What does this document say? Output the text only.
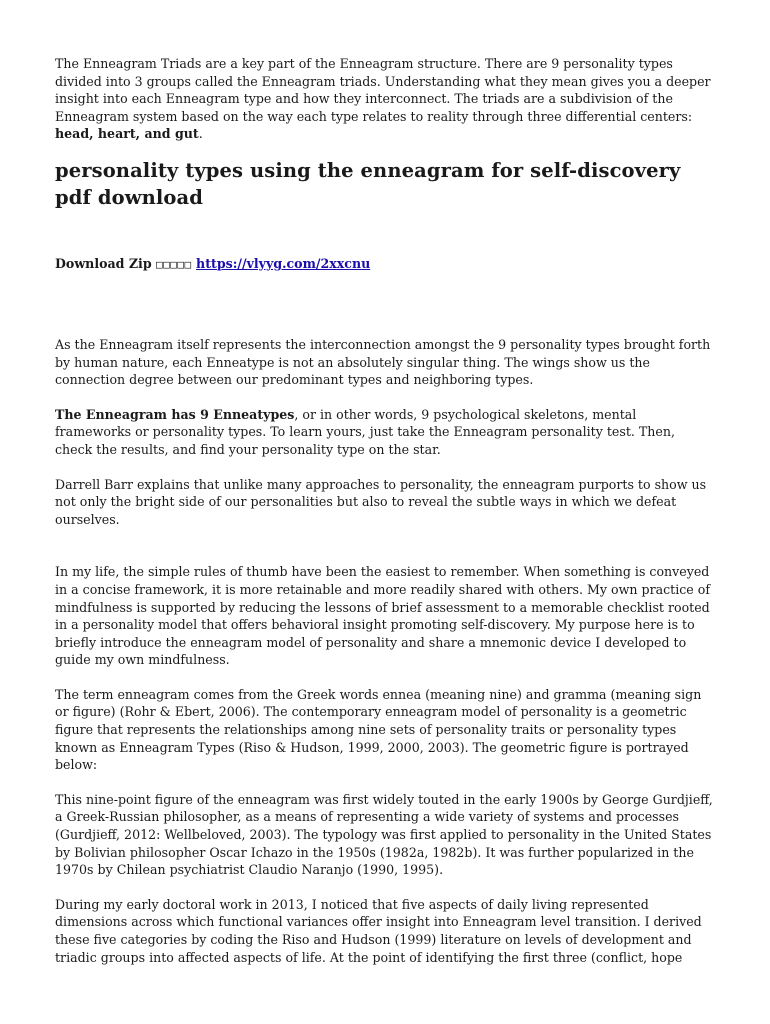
The Enneagram Triads are a key part of the Enneagram structure. There are 9 personality types divided into 3 groups called the Enneagram triads. Understanding what they mean gives you a deeper insight into each Enneagram type and how they interconnect. The triads are a subdivision of the Enneagram system based on the way each type relates to reality through three differential centers: head, heart, and gut.

personality types using the enneagram for self-discovery pdf download
Download Zip □□□□□ https://vlyyg.com/2xxcnu

As the Enneagram itself represents the interconnection amongst the 9 personality types brought forth by human nature, each Enneatype is not an absolutely singular thing. The wings show us the connection degree between our predominant types and neighboring types.

The Enneagram has 9 Enneatypes, or in other words, 9 psychological skeletons, mental frameworks or personality types. To learn yours, just take the Enneagram personality test. Then, check the results, and find your personality type on the star.

Darrell Barr explains that unlike many approaches to personality, the enneagram purports to show us not only the bright side of our personalities but also to reveal the subtle ways in which we defeat ourselves.

In my life, the simple rules of thumb have been the easiest to remember. When something is conveyed in a concise framework, it is more retainable and more readily shared with others. My own practice of mindfulness is supported by reducing the lessons of brief assessment to a memorable checklist rooted in a personality model that offers behavioral insight promoting self-discovery. My purpose here is to briefly introduce the enneagram model of personality and share a mnemonic device I developed to guide my own mindfulness.

The term enneagram comes from the Greek words ennea (meaning nine) and gramma (meaning sign or figure) (Rohr & Ebert, 2006). The contemporary enneagram model of personality is a geometric figure that represents the relationships among nine sets of personality traits or personality types known as Enneagram Types (Riso & Hudson, 1999, 2000, 2003). The geometric figure is portrayed below:

This nine-point figure of the enneagram was first widely touted in the early 1900s by George Gurdjieff, a Greek-Russian philosopher, as a means of representing a wide variety of systems and processes (Gurdjieff, 2012: Wellbeloved, 2003). The typology was first applied to personality in the United States by Bolivian philosopher Oscar Ichazo in the 1950s (1982a, 1982b). It was further popularized in the 1970s by Chilean psychiatrist Claudio Naranjo (1990, 1995).

During my early doctoral work in 2013, I noticed that five aspects of daily living represented dimensions across which functional variances offer insight into Enneagram level transition. I derived these five categories by coding the Riso and Hudson (1999) literature on levels of development and triadic groups into affected aspects of life. At the point of identifying the first three (conflict, hope
